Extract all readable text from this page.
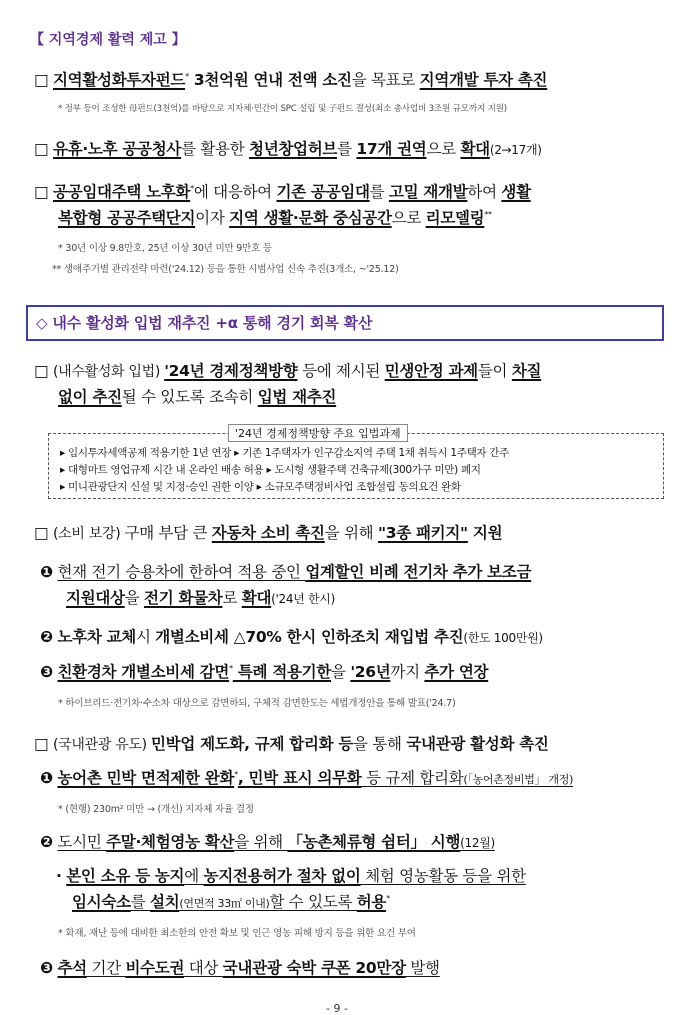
【 지역경제 활력 제고 】
□ 지역활성화투자펀드* 3천억원 연내 전액 소진을 목표로 지역개발 투자 촉진
* 정부 등이 조성한 母펀드(3천억)를 바탕으로 지자체·민간이 SPC 설립 및 子펀드 결성(최소 총사업비 3조원 규모까지 지원)
□ 유휴·노후 공공청사를 활용한 청년창업허브를 17개 권역으로 확대(2→17개)
□ 공공임대주택 노후화*에 대응하여 기존 공공임대를 고밀 재개발하여 생활
복합형 공공주택단지이자 지역 생활·문화 중심공간으로 리모델링**
* 30년 이상 9.8만호, 25년 이상 30년 미만 9만호 등
** 생애주기별 관리전략 마련('24.12) 등을 통한 시범사업 신속 추진(3개소, ~'25.12)
◇ 내수 활성화 입법 재추진 +α 통해 경기 회복 확산
□ (내수활성화 입법) '24년 경제정책방향 등에 제시된 민생안정 과제들이 차질
없이 추진될 수 있도록 조속히 입법 재추진
'24년 경제정책방향 주요 입법과제
▸ 임시투자세액공제 적용기한 1년 연장 ▸ 기존 1주택자가 인구감소지역 주택 1채 취득시 1주택자 간주
▸ 대형마트 영업규제 시간 내 온라인 배송 허용 ▸ 도시형 생활주택 건축규제(300가구 미만) 폐지
▸ 미니관광단지 신설 및 지정·승인 권한 이양 ▸ 소규모주택정비사업 조합설립 동의요건 완화
□ (소비 보강) 구매 부담 큰 자동차 소비 촉진을 위해 "3종 패키지" 지원
❶ 현재 전기 승용차에 한하여 적용 중인 업계할인 비례 전기차 추가 보조금
지원대상을 전기 화물차로 확대('24년 한시)
❷ 노후차 교체시 개별소비세 △70% 한시 인하조치 재입법 추진(한도 100만원)
❸ 친환경차 개별소비세 감면* 특례 적용기한을 '26년까지 추가 연장
* 하이브리드·전기차·수소차 대상으로 감면하되, 구체적 감면한도는 세법개정안을 통해 발표('24.7)
□ (국내관광 유도) 민박업 제도화, 규제 합리화 등을 통해 국내관광 활성화 촉진
❶ 농어촌 민박 면적제한 완화*, 민박 표시 의무화 등 규제 합리화(「농어촌정비법」 개정)
* (현행) 230m² 미만 → (개선) 지자체 자율 결정
❷ 도시민 주말·체험영농 확산을 위해 「농촌체류형 쉼터」 시행(12월)
· 본인 소유 등 농지에 농지전용허가 절차 없이 체험 영농활동 등을 위한
임시숙소를 설치(연면적 33㎡ 이내)할 수 있도록 허용*
* 화재, 재난 등에 대비한 최소한의 안전 확보 및 인근 영농 피해 방지 등을 위한 요건 부여
❸ 추석 기간 비수도권 대상 국내관광 숙박 쿠폰 20만장 발행
- 9 -
